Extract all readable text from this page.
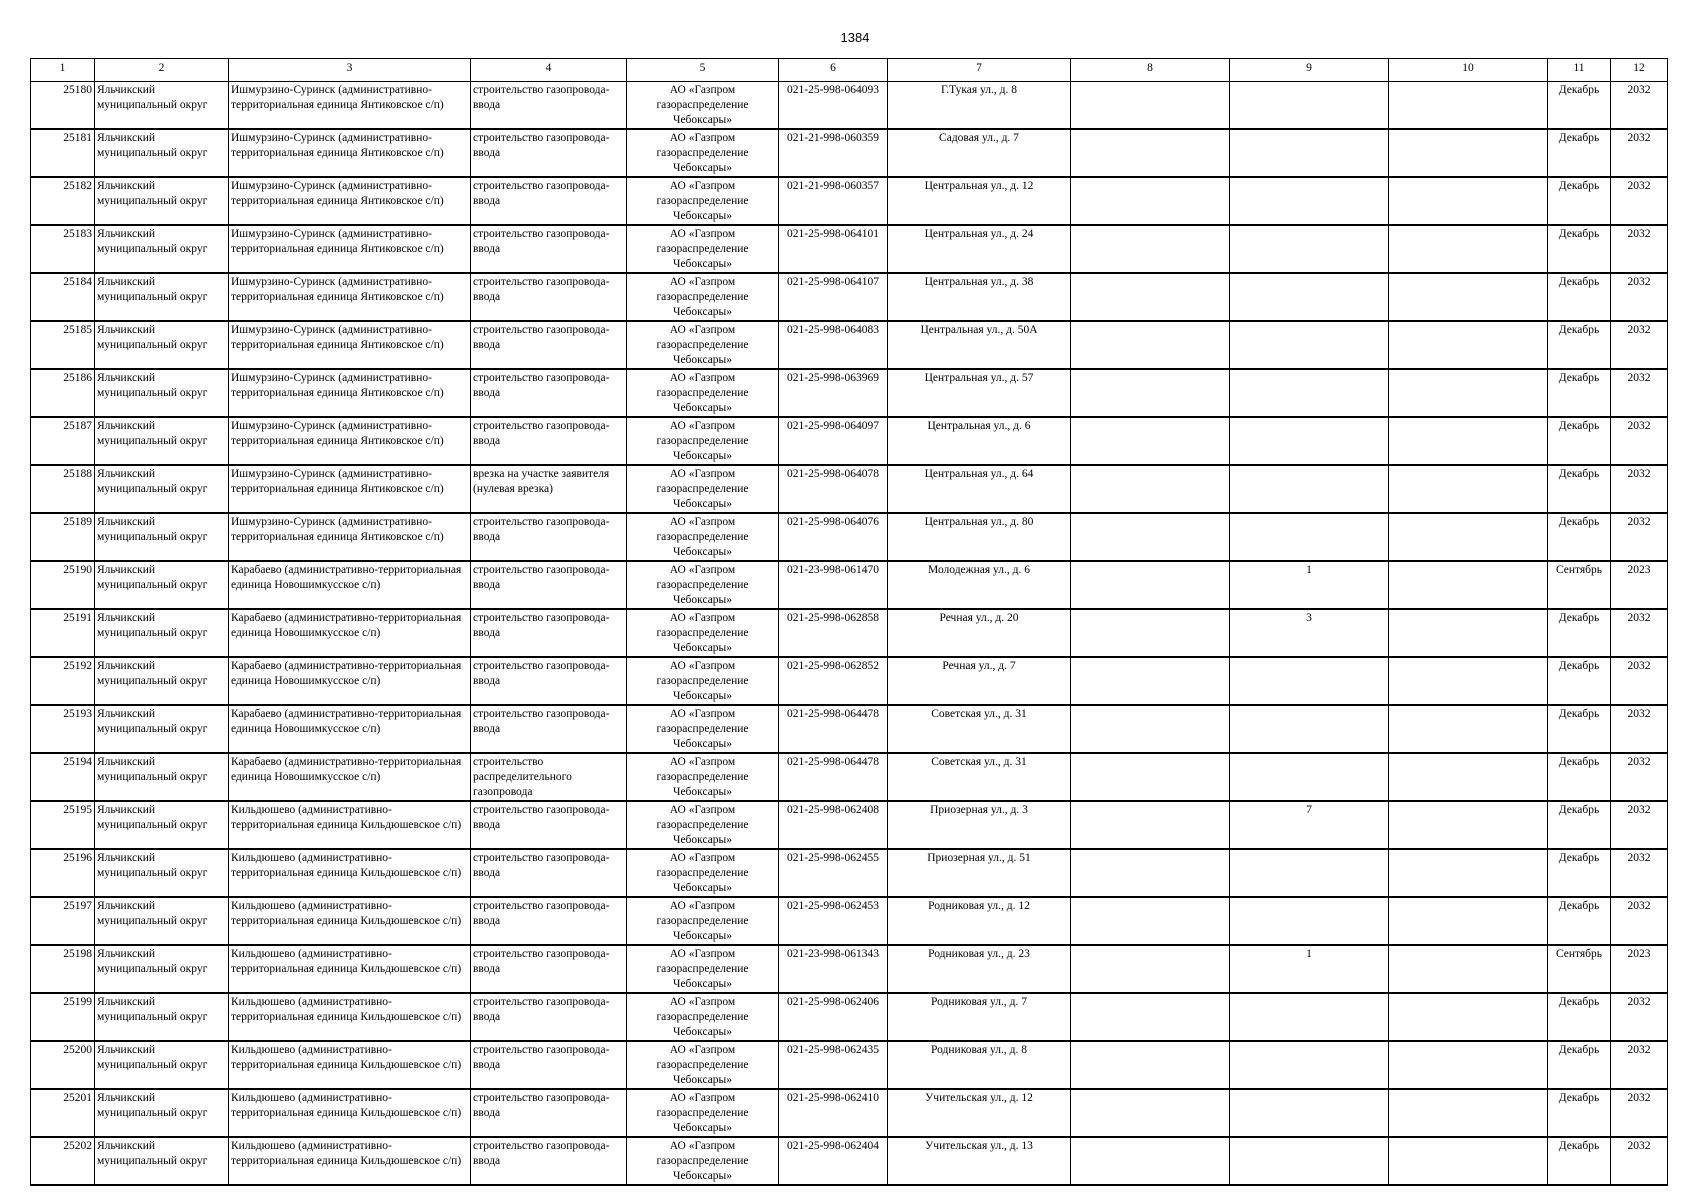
1384
1	2	3	4	5	6	7	8	9	10	11	12
25180	Яльчикский муниципальный округ	Ишмурзино-Суринск (административно-территориальная единица Янтиковское с/п)	строительство газопровода-ввода	АО «Газпром газораспределение Чебоксары»	021-25-998-064093	Г.Тукая ул., д. 8				Декабрь	2032
25181	Яльчикский муниципальный округ	Ишмурзино-Суринск (административно-территориальная единица Янтиковское с/п)	строительство газопровода-ввода	АО «Газпром газораспределение Чебоксары»	021-21-998-060359	Садовая ул., д. 7				Декабрь	2032
25182	Яльчикский муниципальный округ	Ишмурзино-Суринск (административно-территориальная единица Янтиковское с/п)	строительство газопровода-ввода	АО «Газпром газораспределение Чебоксары»	021-21-998-060357	Центральная ул., д. 12				Декабрь	2032
25183	Яльчикский муниципальный округ	Ишмурзино-Суринск (административно-территориальная единица Янтиковское с/п)	строительство газопровода-ввода	АО «Газпром газораспределение Чебоксары»	021-25-998-064101	Центральная ул., д. 24				Декабрь	2032
25184	Яльчикский муниципальный округ	Ишмурзино-Суринск (административно-территориальная единица Янтиковское с/п)	строительство газопровода-ввода	АО «Газпром газораспределение Чебоксары»	021-25-998-064107	Центральная ул., д. 38				Декабрь	2032
25185	Яльчикский муниципальный округ	Ишмурзино-Суринск (административно-территориальная единица Янтиковское с/п)	строительство газопровода-ввода	АО «Газпром газораспределение Чебоксары»	021-25-998-064083	Центральная ул., д. 50А				Декабрь	2032
25186	Яльчикский муниципальный округ	Ишмурзино-Суринск (административно-территориальная единица Янтиковское с/п)	строительство газопровода-ввода	АО «Газпром газораспределение Чебоксары»	021-25-998-063969	Центральная ул., д. 57				Декабрь	2032
25187	Яльчикский муниципальный округ	Ишмурзино-Суринск (административно-территориальная единица Янтиковское с/п)	строительство газопровода-ввода	АО «Газпром газораспределение Чебоксары»	021-25-998-064097	Центральная ул., д. 6				Декабрь	2032
25188	Яльчикский муниципальный округ	Ишмурзино-Суринск (административно-территориальная единица Янтиковское с/п)	врезка на участке заявителя (нулевая врезка)	АО «Газпром газораспределение Чебоксары»	021-25-998-064078	Центральная ул., д. 64				Декабрь	2032
25189	Яльчикский муниципальный округ	Ишмурзино-Суринск (административно-территориальная единица Янтиковское с/п)	строительство газопровода-ввода	АО «Газпром газораспределение Чебоксары»	021-25-998-064076	Центральная ул., д. 80				Декабрь	2032
25190	Яльчикский муниципальный округ	Карабаево (административно-территориальная единица Новошимкусское с/п)	строительство газопровода-ввода	АО «Газпром газораспределение Чебоксары»	021-23-998-061470	Молодежная ул., д. 6		1		Сентябрь	2023
25191	Яльчикский муниципальный округ	Карабаево (административно-территориальная единица Новошимкусское с/п)	строительство газопровода-ввода	АО «Газпром газораспределение Чебоксары»	021-25-998-062858	Речная ул., д. 20		3		Декабрь	2032
25192	Яльчикский муниципальный округ	Карабаево (административно-территориальная единица Новошимкусское с/п)	строительство газопровода-ввода	АО «Газпром газораспределение Чебоксары»	021-25-998-062852	Речная ул., д. 7				Декабрь	2032
25193	Яльчикский муниципальный округ	Карабаево (административно-территориальная единица Новошимкусское с/п)	строительство газопровода-ввода	АО «Газпром газораспределение Чебоксары»	021-25-998-064478	Советская ул., д. 31				Декабрь	2032
25194	Яльчикский муниципальный округ	Карабаево (административно-территориальная единица Новошимкусское с/п)	строительство распределительного газопровода	АО «Газпром газораспределение Чебоксары»	021-25-998-064478	Советская ул., д. 31				Декабрь	2032
25195	Яльчикский муниципальный округ	Кильдюшево (административно-территориальная единица Кильдюшевское с/п)	строительство газопровода-ввода	АО «Газпром газораспределение Чебоксары»	021-25-998-062408	Приозерная ул., д. 3		7		Декабрь	2032
25196	Яльчикский муниципальный округ	Кильдюшево (административно-территориальная единица Кильдюшевское с/п)	строительство газопровода-ввода	АО «Газпром газораспределение Чебоксары»	021-25-998-062455	Приозерная ул., д. 51				Декабрь	2032
25197	Яльчикский муниципальный округ	Кильдюшево (административно-территориальная единица Кильдюшевское с/п)	строительство газопровода-ввода	АО «Газпром газораспределение Чебоксары»	021-25-998-062453	Родниковая ул., д. 12				Декабрь	2032
25198	Яльчикский муниципальный округ	Кильдюшево (административно-территориальная единица Кильдюшевское с/п)	строительство газопровода-ввода	АО «Газпром газораспределение Чебоксары»	021-23-998-061343	Родниковая ул., д. 23		1		Сентябрь	2023
25199	Яльчикский муниципальный округ	Кильдюшево (административно-территориальная единица Кильдюшевское с/п)	строительство газопровода-ввода	АО «Газпром газораспределение Чебоксары»	021-25-998-062406	Родниковая ул., д. 7				Декабрь	2032
25200	Яльчикский муниципальный округ	Кильдюшево (административно-территориальная единица Кильдюшевское с/п)	строительство газопровода-ввода	АО «Газпром газораспределение Чебоксары»	021-25-998-062435	Родниковая ул., д. 8				Декабрь	2032
25201	Яльчикский муниципальный округ	Кильдюшево (административно-территориальная единица Кильдюшевское с/п)	строительство газопровода-ввода	АО «Газпром газораспределение Чебоксары»	021-25-998-062410	Учительская ул., д. 12				Декабрь	2032
25202	Яльчикский муниципальный округ	Кильдюшево (административно-территориальная единица Кильдюшевское с/п)	строительство газопровода-ввода	АО «Газпром газораспределение Чебоксары»	021-25-998-062404	Учительская ул., д. 13				Декабрь	2032
